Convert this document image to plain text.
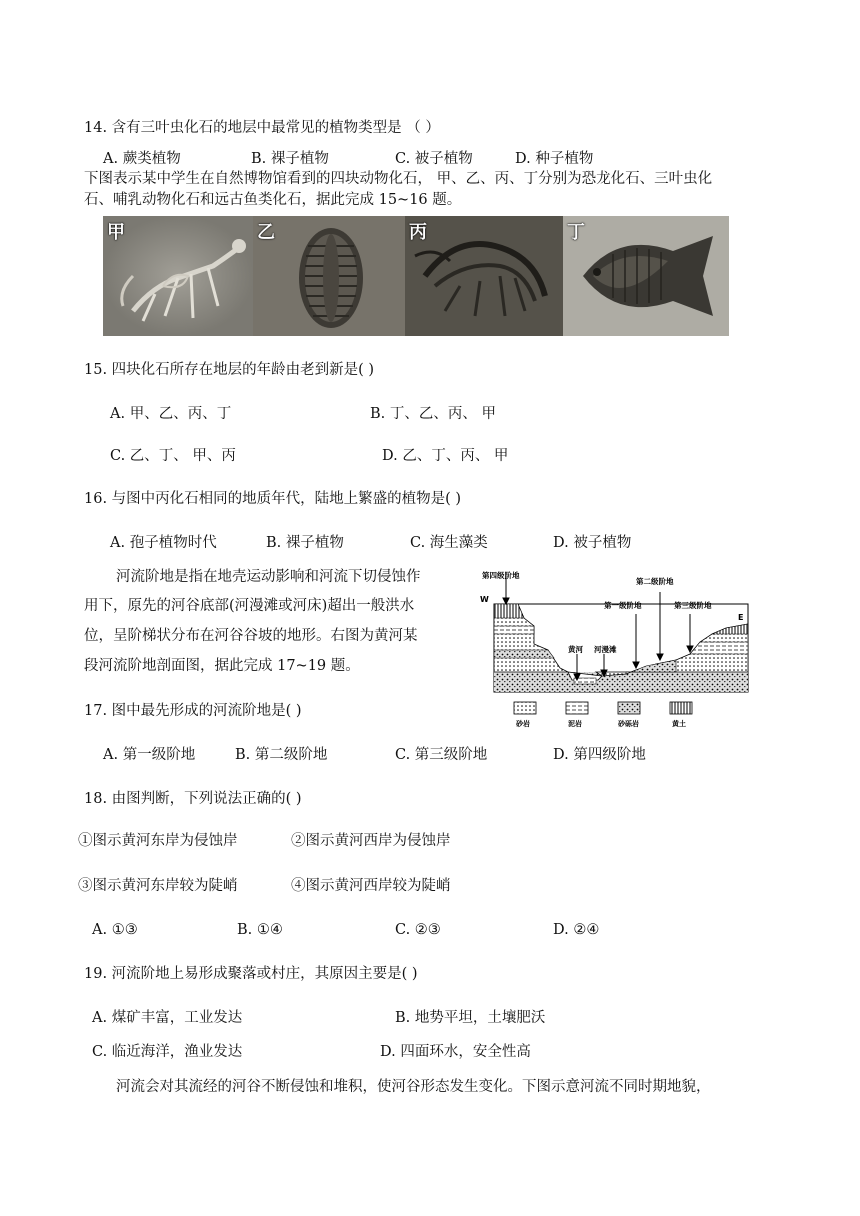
14. 含有三叶虫化石的地层中最常见的植物类型是 （ ）
A. 蕨类植物	B. 裸子植物	C. 被子植物	D. 种子植物
下图表示某中学生在自然博物馆看到的四块动物化石， 甲、乙、丙、丁分别为恐龙化石、三叶虫化
石、哺乳动物化石和远古鱼类化石，据此完成 15~16 题。
甲	乙	丙	丁
15. 四块化石所存在地层的年龄由老到新是( )
A. 甲、乙、丙、丁	B. 丁、乙、丙、 甲
C. 乙、丁、 甲、丙	D. 乙、丁、丙、 甲
16. 与图中丙化石相同的地质年代，陆地上繁盛的植物是( )
A. 孢子植物时代	B. 裸子植物	C. 海生藻类	D. 被子植物
河流阶地是指在地壳运动影响和河流下切侵蚀作
用下，原先的河谷底部(河漫滩或河床)超出一般洪水
位，呈阶梯状分布在河谷谷坡的地形。右图为黄河某
段河流阶地剖面图，据此完成 17~19 题。
第四级阶地
第二级阶地
第一级阶地	第三级阶地
W
E
黄河 河漫滩
砂岩	泥岩	砂砾岩	黄土
17. 图中最先形成的河流阶地是( )
A. 第一级阶地	B. 第二级阶地	C. 第三级阶地	D. 第四级阶地
18. 由图判断，下列说法正确的( )
①图示黄河东岸为侵蚀岸	②图示黄河西岸为侵蚀岸
③图示黄河东岸较为陡峭	④图示黄河西岸较为陡峭
A. ①③	B. ①④	C. ②③	D. ②④
19. 河流阶地上易形成聚落或村庄，其原因主要是( )
A. 煤矿丰富，工业发达	B. 地势平坦，土壤肥沃
C. 临近海洋，渔业发达	D. 四面环水，安全性高
河流会对其流经的河谷不断侵蚀和堆积，使河谷形态发生变化。下图示意河流不同时期地貌，
